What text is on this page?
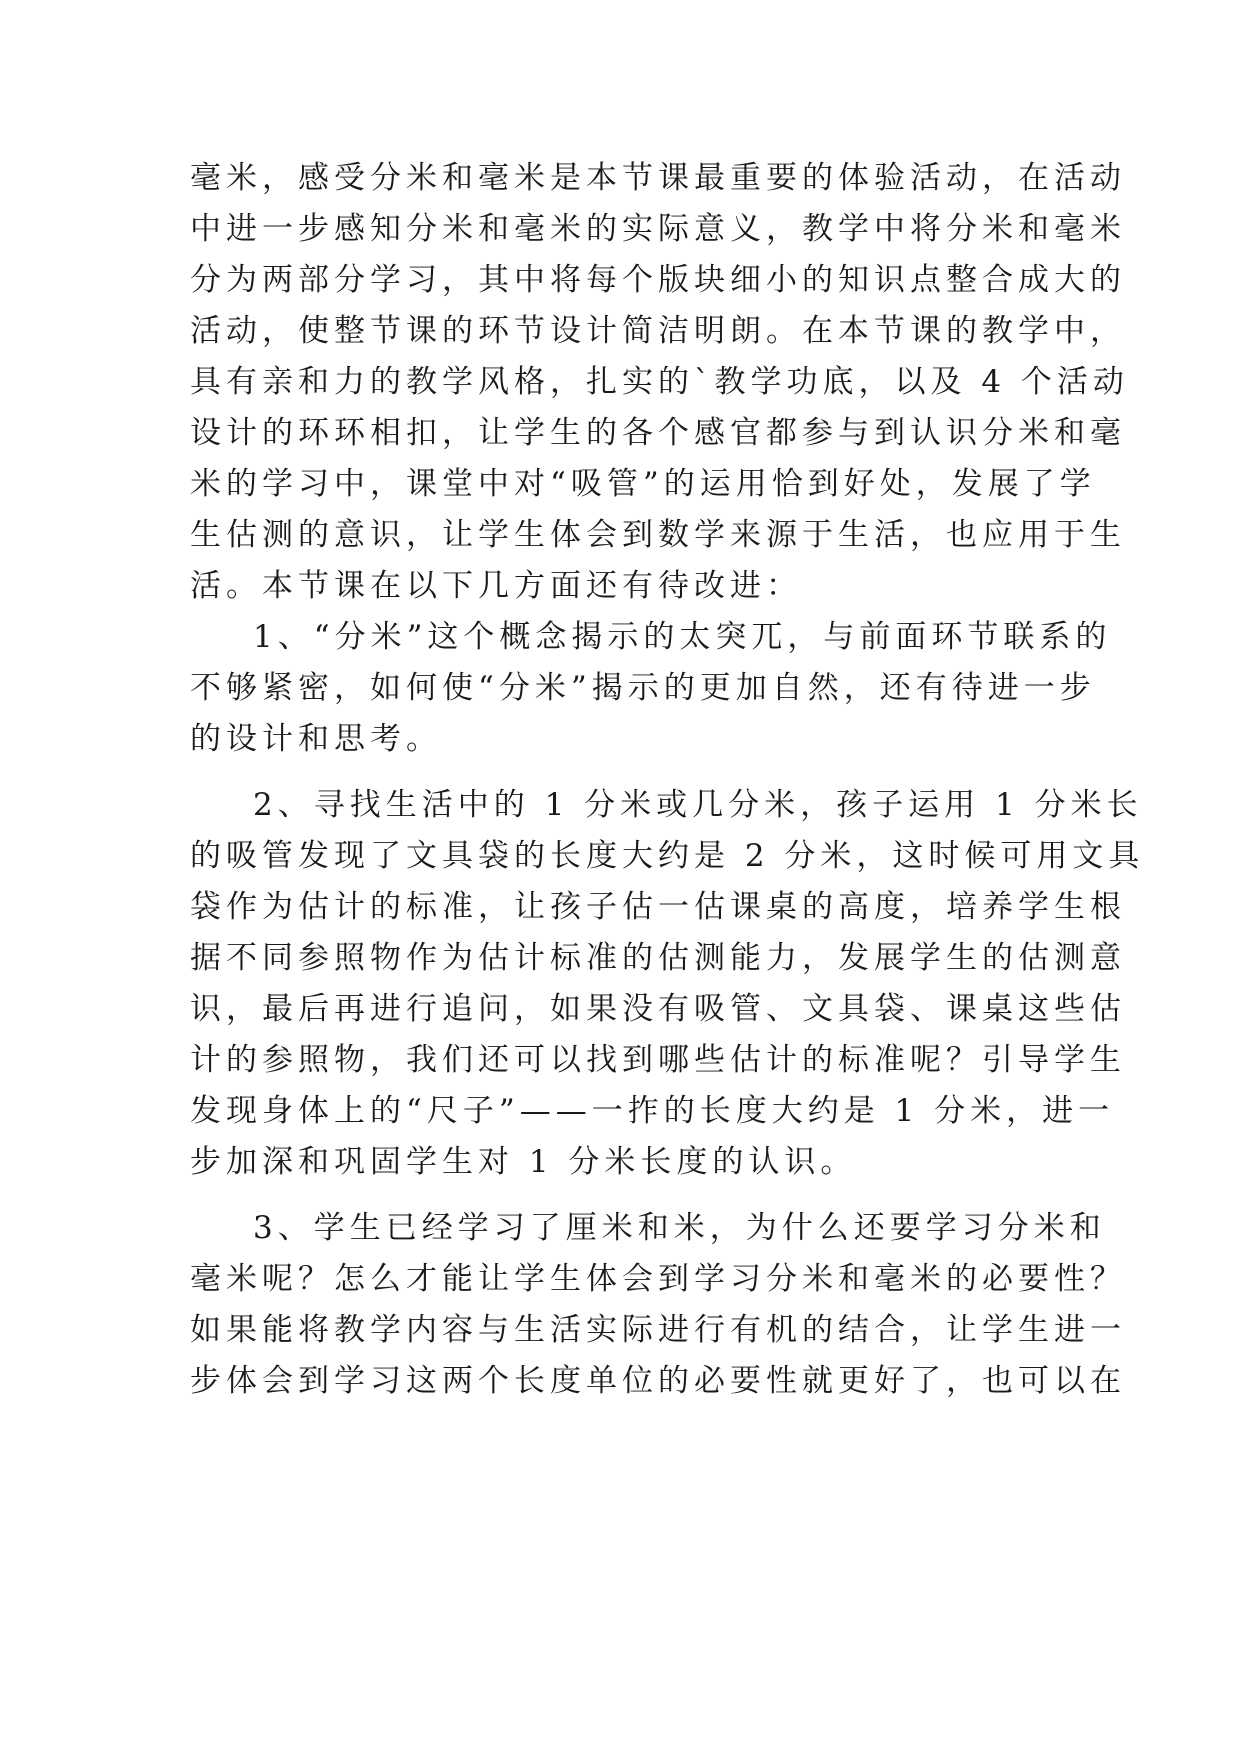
毫米，感受分米和毫米是本节课最重要的体验活动，在活动
中进一步感知分米和毫米的实际意义，教学中将分米和毫米
分为两部分学习，其中将每个版块细小的知识点整合成大的
活动，使整节课的环节设计简洁明朗。在本节课的教学中，
具有亲和力的教学风格，扎实的`教学功底，以及 4 个活动
设计的环环相扣，让学生的各个感官都参与到认识分米和毫
米的学习中，课堂中对“吸管”的运用恰到好处，发展了学
生估测的意识，让学生体会到数学来源于生活，也应用于生
活。本节课在以下几方面还有待改进：
1、“分米”这个概念揭示的太突兀，与前面环节联系的
不够紧密，如何使“分米”揭示的更加自然，还有待进一步
的设计和思考。
2、寻找生活中的 1 分米或几分米，孩子运用 1 分米长
的吸管发现了文具袋的长度大约是 2 分米，这时候可用文具
袋作为估计的标准，让孩子估一估课桌的高度，培养学生根
据不同参照物作为估计标准的估测能力，发展学生的估测意
识，最后再进行追问，如果没有吸管、文具袋、课桌这些估
计的参照物，我们还可以找到哪些估计的标准呢？引导学生
发现身体上的“尺子”——一拃的长度大约是 1 分米，进一
步加深和巩固学生对 1 分米长度的认识。
3、学生已经学习了厘米和米，为什么还要学习分米和
毫米呢？怎么才能让学生体会到学习分米和毫米的必要性？
如果能将教学内容与生活实际进行有机的结合，让学生进一
步体会到学习这两个长度单位的必要性就更好了，也可以在
